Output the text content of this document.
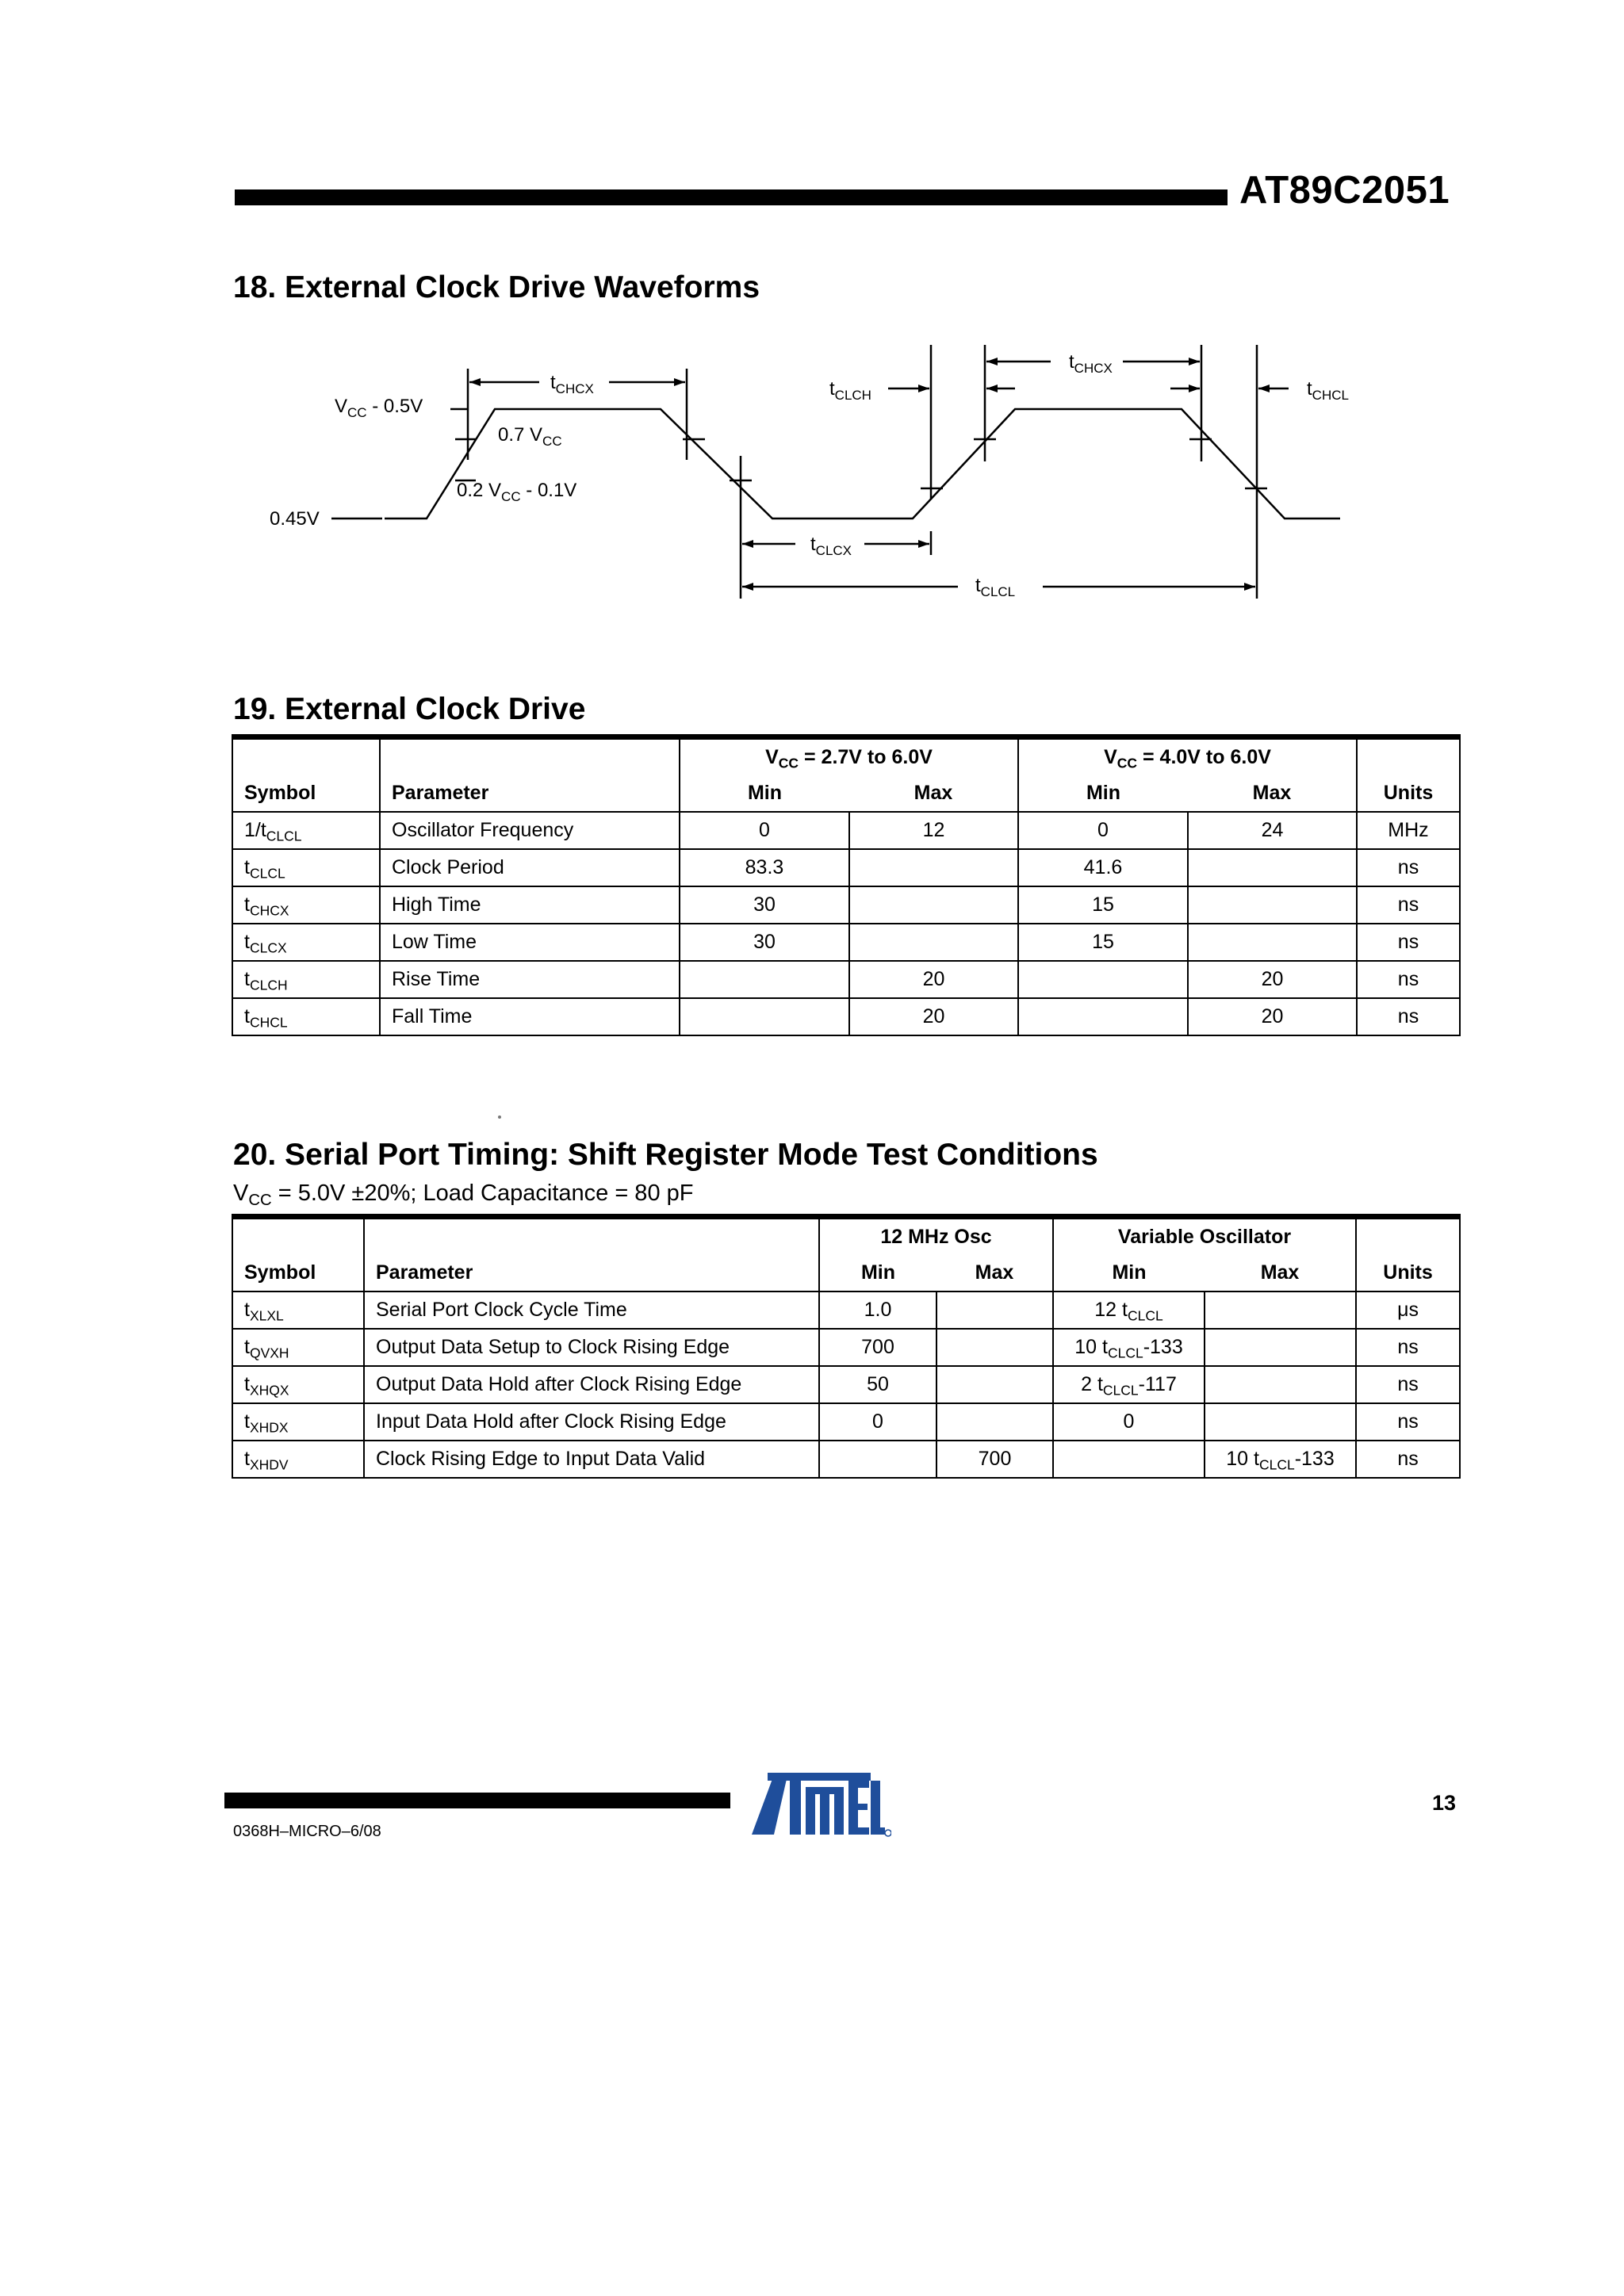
AT89C2051
18. External Clock Drive Waveforms
$V_{CC} - 0.5V$
0.7 $V_{CC}$
0.2 $V_{CC} - 0.1V$
0.45V
$t_{CHCX}$	$t_{CLCH}$
$t_{CHCX}$
$t_{CHCL}$
$t_{CLCX}$
$t_{CLCL}$
19. External Clock Drive
		$V_{CC} = 2.7V$ to 6.0V		$V_{CC} = 4.0V$ to 6.0V		
Symbol	Parameter	Min	Max	Min	Max	Units
$1/t_{CLCL}$	Oscillator Frequency	0	12	0	24	MHz
$t_{CLCL}$	Clock Period	83.3		41.6		ns
$t_{CHCX}$	High Time	30		15		ns
$t_{CLCX}$	Low Time	30		15		ns
$t_{CLCH}$	Rise Time		20		20	ns
$t_{CHCL}$	Fall Time		20		20	ns
20. Serial Port Timing: Shift Register Mode Test Conditions
$V_{CC} = 5.0V \pm 20\%$; Load Capacitance = 80 pF
		12 MHz Osc		Variable Oscillator		
Symbol	Parameter	Min	Max	Min	Max	Units
$t_{XLXL}$	Serial Port Clock Cycle Time	1.0		12 $t_{CLCL}$		μs
$t_{QVXH}$	Output Data Setup to Clock Rising Edge	700		10 $t_{CLCL}-133$		ns
$t_{XHQX}$	Output Data Hold after Clock Rising Edge	50		2 $t_{CLCL}-117$		ns
$t_{XHDX}$	Input Data Hold after Clock Rising Edge	0		0		ns
$t_{XHDV}$	Clock Rising Edge to Input Data Valid		700		10 $t_{CLCL}-133$	ns
0368H–MICRO–6/08
13
